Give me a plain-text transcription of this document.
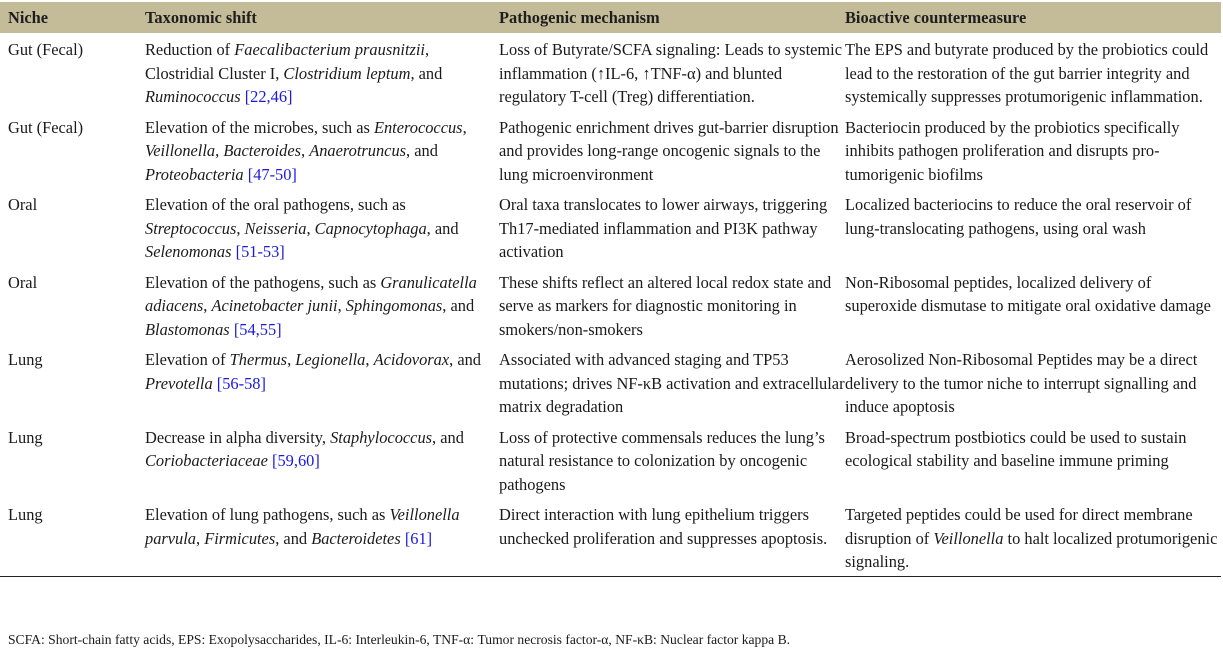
Niche	Taxonomic shift	Pathogenic mechanism	Bioactive countermeasure
Gut (Fecal)	Reduction of Faecalibacterium prausnitzii, Clostridial Cluster I, Clostridium leptum, and Ruminococcus [22,46]	Loss of Butyrate/SCFA signaling: Leads to systemic inflammation (↑IL-6, ↑TNF-α) and blunted regulatory T-cell (Treg) differentiation.	The EPS and butyrate produced by the probiotics could lead to the restoration of the gut barrier integrity and systemically suppresses protumorigenic inflammation.
Gut (Fecal)	Elevation of the microbes, such as Enterococcus, Veillonella, Bacteroides, Anaerotruncus, and Proteobacteria [47-50]	Pathogenic enrichment drives gut-barrier disruption and provides long-range oncogenic signals to the lung microenvironment	Bacteriocin produced by the probiotics specifically inhibits pathogen proliferation and disrupts pro-tumorigenic biofilms
Oral	Elevation of the oral pathogens, such as Streptococcus, Neisseria, Capnocytophaga, and Selenomonas [51-53]	Oral taxa translocates to lower airways, triggering Th17-mediated inflammation and PI3K pathway activation	Localized bacteriocins to reduce the oral reservoir of lung-translocating pathogens, using oral wash
Oral	Elevation of the pathogens, such as Granulicatella adiacens, Acinetobacter junii, Sphingomonas, and Blastomonas [54,55]	These shifts reflect an altered local redox state and serve as markers for diagnostic monitoring in smokers/non-smokers	Non-Ribosomal peptides, localized delivery of superoxide dismutase to mitigate oral oxidative damage
Lung	Elevation of Thermus, Legionella, Acidovorax, and Prevotella [56-58]	Associated with advanced staging and TP53 mutations; drives NF-κB activation and extracellular matrix degradation	Aerosolized Non-Ribosomal Peptides may be a direct delivery to the tumor niche to interrupt signalling and induce apoptosis
Lung	Decrease in alpha diversity, Staphylococcus, and Coriobacteriaceae [59,60]	Loss of protective commensals reduces the lung’s natural resistance to colonization by oncogenic pathogens	Broad-spectrum postbiotics could be used to sustain ecological stability and baseline immune priming
Lung	Elevation of lung pathogens, such as Veillonella parvula, Firmicutes, and Bacteroidetes [61]	Direct interaction with lung epithelium triggers unchecked proliferation and suppresses apoptosis.	Targeted peptides could be used for direct membrane disruption of Veillonella to halt localized protumorigenic signaling.
SCFA: Short-chain fatty acids, EPS: Exopolysaccharides, IL-6: Interleukin-6, TNF-α: Tumor necrosis factor-α, NF-κB: Nuclear factor kappa B.
